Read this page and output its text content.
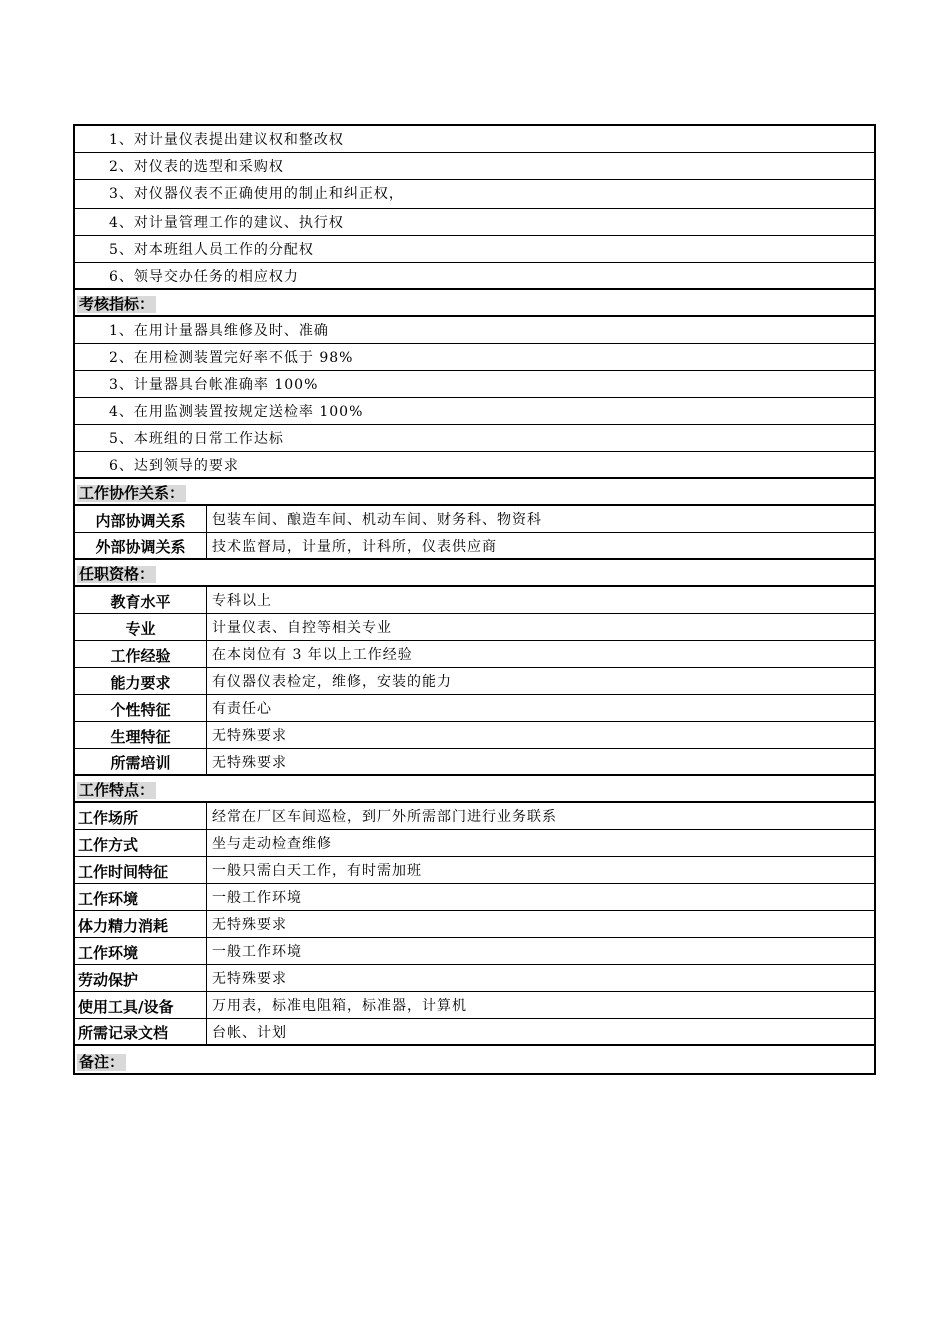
1、对计量仪表提出建议权和整改权
2、对仪表的选型和采购权
3、对仪器仪表不正确使用的制止和纠正权，
4、对计量管理工作的建议、执行权
5、对本班组人员工作的分配权
6、领导交办任务的相应权力
考核指标：
1、在用计量器具维修及时、准确
2、在用检测装置完好率不低于 98%
3、计量器具台帐准确率 100%
4、在用监测装置按规定送检率 100%
5、本班组的日常工作达标
6、达到领导的要求
工作协作关系：
内部协调关系	包装车间、酿造车间、机动车间、财务科、物资科
外部协调关系	技术监督局，计量所，计科所，仪表供应商
任职资格：
教育水平	专科以上
专业	计量仪表、自控等相关专业
工作经验	在本岗位有 3 年以上工作经验
能力要求	有仪器仪表检定，维修，安装的能力
个性特征	有责任心
生理特征	无特殊要求
所需培训	无特殊要求
工作特点：
工作场所	经常在厂区车间巡检，到厂外所需部门进行业务联系
工作方式	坐与走动检查维修
工作时间特征	一般只需白天工作，有时需加班
工作环境	一般工作环境
体力精力消耗	无特殊要求
工作环境	一般工作环境
劳动保护	无特殊要求
使用工具/设备	万用表，标准电阻箱，标准器，计算机
所需记录文档	台帐、计划
备注：
